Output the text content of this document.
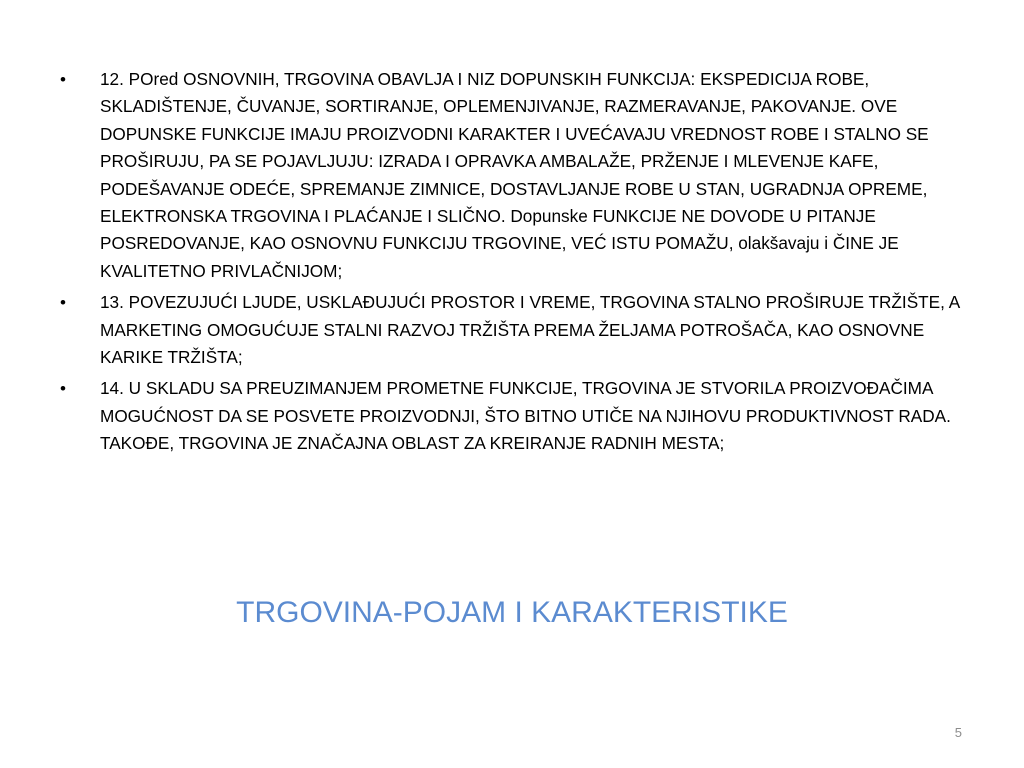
• 12. POred OSNOVNIH, TRGOVINA OBAVLJA I NIZ DOPUNSKIH FUNKCIJA: EKSPEDICIJA ROBE, SKLADIŠTENJE, ČUVANJE, SORTIRANJE, OPLEMENJIVANJE, RAZMERAVANJE, PAKOVANJE. OVE DOPUNSKE FUNKCIJE IMAJU PROIZVODNI KARAKTER I UVEĆAVAJU VREDNOST ROBE I STALNO SE PROŠIRUJU, PA SE POJAVLJUJU: IZRADA I OPRAVKA AMBALAŽE, PRŽENJE I MLEVENJE KAFE, PODEŠAVANJE ODEĆE, SPREMANJE ZIMNICE, DOSTAVLJANJE ROBE U STAN, UGRADNJA OPREME, ELEKTRONSKA TRGOVINA I PLAĆANJE I SLIČNO. Dopunske FUNKCIJE NE DOVODE U PITANJE POSREDOVANJE, KAO OSNOVNU FUNKCIJU TRGOVINE, VEĆ ISTU POMAŽU, olakšavaju i ČINE JE KVALITETNO PRIVLAČNIJOM;
• 13. POVEZUJUĆI LJUDE, USKLAĐUJUĆI PROSTOR I VREME, TRGOVINA STALNO PROŠIRUJE TRŽIŠTE, A MARKETING OMOGUĆUJE STALNI RAZVOJ TRŽIŠTA PREMA ŽELJAMA POTROŠAČA, KAO OSNOVNE KARIKE TRŽIŠTA;
• 14. U SKLADU SA PREUZIMANJEM PROMETNE FUNKCIJE, TRGOVINA JE STVORILA PROIZVOĐAČIMA MOGUĆNOST DA SE POSVETE PROIZVODNJI, ŠTO BITNO UTIČE NA NJIHOVU PRODUKTIVNOST RADA. TAKOĐE, TRGOVINA JE ZNAČAJNA OBLAST ZA KREIRANJE RADNIH MESTA;
TRGOVINA-POJAM I KARAKTERISTIKE
5
